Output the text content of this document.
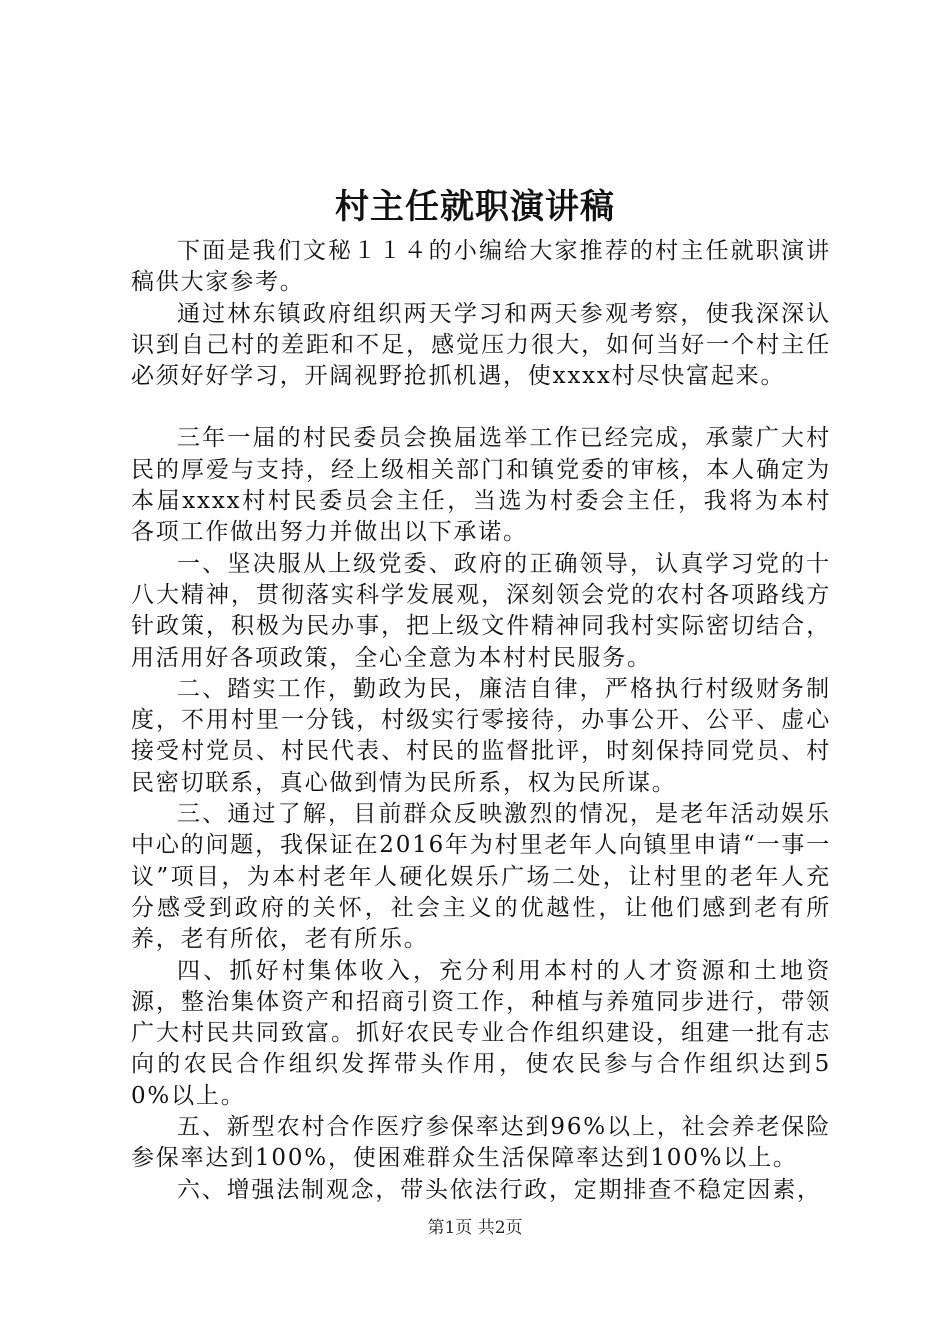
村主任就职演讲稿

下面是我们文秘１１４的小编给大家推荐的村主任就职演讲稿供大家参考。

通过林东镇政府组织两天学习和两天参观考察，使我深深认识到自己村的差距和不足，感觉压力很大，如何当好一个村主任必须好好学习，开阔视野抢抓机遇，使xxxx村尽快富起来。

三年一届的村民委员会换届选举工作已经完成，承蒙广大村民的厚爱与支持，经上级相关部门和镇党委的审核，本人确定为本届xxxx村村民委员会主任，当选为村委会主任，我将为本村各项工作做出努力并做出以下承诺。

一、坚决服从上级党委、政府的正确领导，认真学习党的十八大精神，贯彻落实科学发展观，深刻领会党的农村各项路线方针政策，积极为民办事，把上级文件精神同我村实际密切结合，用活用好各项政策，全心全意为本村村民服务。

二、踏实工作，勤政为民，廉洁自律，严格执行村级财务制度，不用村里一分钱，村级实行零接待，办事公开、公平、虚心接受村党员、村民代表、村民的监督批评，时刻保持同党员、村民密切联系，真心做到情为民所系，权为民所谋。

三、通过了解，目前群众反映激烈的情况，是老年活动娱乐中心的问题，我保证在2016年为村里老年人向镇里申请“一事一议”项目，为本村老年人硬化娱乐广场二处，让村里的老年人充分感受到政府的关怀，社会主义的优越性，让他们感到老有所养，老有所依，老有所乐。

四、抓好村集体收入，充分利用本村的人才资源和土地资源，整治集体资产和招商引资工作，种植与养殖同步进行，带领广大村民共同致富。抓好农民专业合作组织建设，组建一批有志向的农民合作组织发挥带头作用，使农民参与合作组织达到50%以上。

五、新型农村合作医疗参保率达到96%以上，社会养老保险参保率达到100%，使困难群众生活保障率达到100%以上。

六、增强法制观念，带头依法行政，定期排查不稳定因素，

第1页 共2页
